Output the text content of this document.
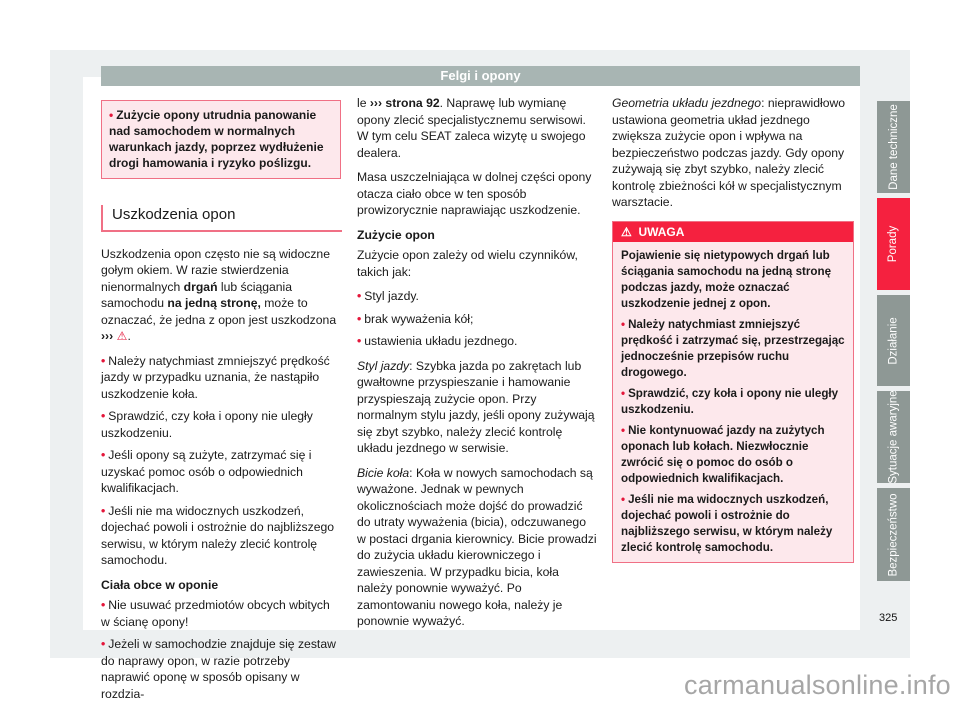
Felgi i opony
• Zużycie opony utrudnia panowanie nad samochodem w normalnych warunkach jazdy, poprzez wydłużenie drogi hamowania i ryzyko poślizgu.
Uszkodzenia opon

Uszkodzenia opon często nie są widoczne gołym okiem. W razie stwierdzenia nienormalnych drgań lub ściągania samochodu na jedną stronę, może to oznaczać, że jedna z opon jest uszkodzona ››› ⚠.

• Należy natychmiast zmniejszyć prędkość jazdy w przypadku uznania, że nastąpiło uszkodzenie koła.

• Sprawdzić, czy koła i opony nie uległy uszkodzeniu.

• Jeśli opony są zużyte, zatrzymać się i uzyskać pomoc osób o odpowiednich kwalifikacjach.

• Jeśli nie ma widocznych uszkodzeń, dojechać powoli i ostrożnie do najbliższego serwisu, w którym należy zlecić kontrolę samochodu.

Ciała obce w oponie

• Nie usuwać przedmiotów obcych wbitych w ścianę opony!

• Jeżeli w samochodzie znajduje się zestaw do naprawy opon, w razie potrzeby naprawić oponę w sposób opisany w rozdzia-

le ››› strona 92. Naprawę lub wymianę opony zlecić specjalistycznemu serwisowi. W tym celu SEAT zaleca wizytę u swojego dealera.

Masa uszczelniająca w dolnej części opony otacza ciało obce w ten sposób prowizorycznie naprawiając uszkodzenie.

Zużycie opon

Zużycie opon zależy od wielu czynników, takich jak:

• Styl jazdy.

• brak wyważenia kół;

• ustawienia układu jezdnego.

Styl jazdy: Szybka jazda po zakrętach lub gwałtowne przyspieszanie i hamowanie przyspieszają zużycie opon. Przy normalnym stylu jazdy, jeśli opony zużywają się zbyt szybko, należy zlecić kontrolę układu jezdnego w serwisie.

Bicie koła: Koła w nowych samochodach są wyważone. Jednak w pewnych okolicznościach może dojść do prowadzić do utraty wyważenia (bicia), odczuwanego w postaci drgania kierownicy. Bicie prowadzi do zużycia układu kierowniczego i zawieszenia. W przypadku bicia, koła należy ponownie wyważyć. Po zamontowaniu nowego koła, należy je ponownie wyważyć.

Geometria układu jezdnego: nieprawidłowo ustawiona geometria układ jezdnego zwiększa zużycie opon i wpływa na bezpieczeństwo podczas jazdy. Gdy opony zużywają się zbyt szybko, należy zlecić kontrolę zbieżności kół w specjalistycznym warsztacie.

⚠ UWAGA

Pojawienie się nietypowych drgań lub ściągania samochodu na jedną stronę podczas jazdy, może oznaczać uszkodzenie jednej z opon.

• Należy natychmiast zmniejszyć prędkość i zatrzymać się, przestrzegając jednocześnie przepisów ruchu drogowego.

• Sprawdzić, czy koła i opony nie uległy uszkodzeniu.

• Nie kontynuować jazdy na zużytych oponach lub kołach. Niezwłocznie zwrócić się o pomoc do osób o odpowiednich kwalifikacjach.

• Jeśli nie ma widocznych uszkodzeń, dojechać powoli i ostrożnie do najbliższego serwisu, w którym należy zlecić kontrolę samochodu.

Dane techniczne
Porady
Działanie
Sytuacje awaryjne
Bezpieczeństwo
325
carmanualsonline.info
